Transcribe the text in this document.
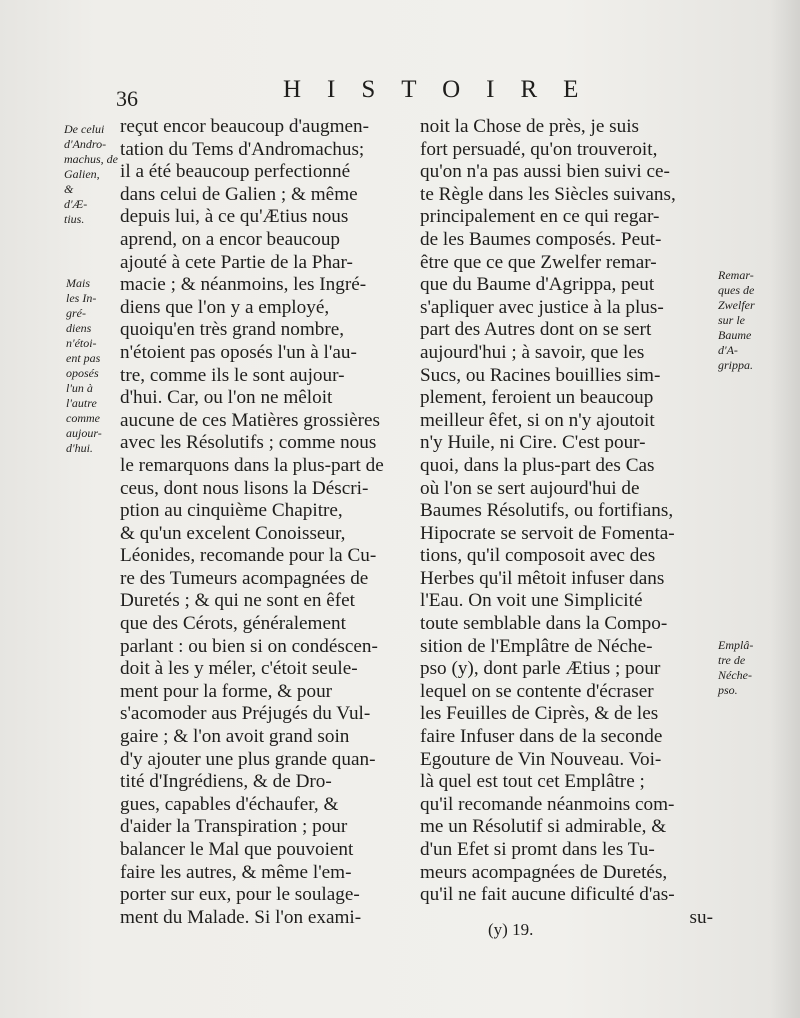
36	HISTOIRE
De celui
d'Andro-
machus, de
Galien,
&
d'Æ-
tius.
Mais
les In-
gré-
diens
n'étoi-
ent pas
oposés
l'un à
l'autre
comme
aujour-
d'hui.
Remar-
ques de
Zwelfer
sur le
Baume
d'A-
grippa.
Emplâ-
tre de
Néche-
pso.
reçut encor beaucoup d'augmen-
tation du Tems d'Andromachus;
il a été beaucoup perfectionné
dans celui de Galien ; & même
depuis lui, à ce qu'Ætius nous
aprend, on a encor beaucoup
ajouté à cete Partie de la Phar-
macie ; & néanmoins, les Ingré-
diens que l'on y a employé,
quoiqu'en très grand nombre,
n'étoient pas oposés l'un à l'au-
tre, comme ils le sont aujour-
d'hui. Car, ou l'on ne mêloit
aucune de ces Matières grossières
avec les Résolutifs ; comme nous
le remarquons dans la plus-part de
ceus, dont nous lisons la Déscri-
ption au cinquième Chapitre,
& qu'un excelent Conoisseur,
Léonides, recomande pour la Cu-
re des Tumeurs acompagnées de
Duretés ; & qui ne sont en êfet
que des Cérots, généralement
parlant : ou bien si on condéscen-
doit à les y méler, c'étoit seule-
ment pour la forme, & pour
s'acomoder aus Préjugés du Vul-
gaire ; & l'on avoit grand soin
d'y ajouter une plus grande quan-
tité d'Ingrédiens, & de Dro-
gues, capables d'échaufer, &
d'aider la Transpiration ; pour
balancer le Mal que pouvoient
faire les autres, & même l'em-
porter sur eux, pour le soulage-
ment du Malade. Si l'on exami-
noit la Chose de près, je suis
fort persuadé, qu'on trouveroit,
qu'on n'a pas aussi bien suivi ce-
te Règle dans les Siècles suivans,
principalement en ce qui regar-
de les Baumes composés. Peut-
être que ce que Zwelfer remar-
que du Baume d'Agrippa, peut
s'apliquer avec justice à la plus-
part des Autres dont on se sert
aujourd'hui ; à savoir, que les
Sucs, ou Racines bouillies sim-
plement, feroient un beaucoup
meilleur êfet, si on n'y ajoutoit
n'y Huile, ni Cire. C'est pour-
quoi, dans la plus-part des Cas
où l'on se sert aujourd'hui de
Baumes Résolutifs, ou fortifians,
Hipocrate se servoit de Fomenta-
tions, qu'il composoit avec des
Herbes qu'il mêtoit infuser dans
l'Eau. On voit une Simplicité
toute semblable dans la Compo-
sition de l'Emplâtre de Néche-
pso (y), dont parle Ætius ; pour
lequel on se contente d'écraser
les Feuilles de Ciprès, & de les
faire Infuser dans de la seconde
Egouture de Vin Nouveau. Voi-
là quel est tout cet Emplâtre ;
qu'il recomande néanmoins com-
me un Résolutif si admirable, &
d'un Efet si promt dans les Tu-
meurs acompagnées de Duretés,
qu'il ne fait aucune dificulté d'as-
su-
(y) 19.
